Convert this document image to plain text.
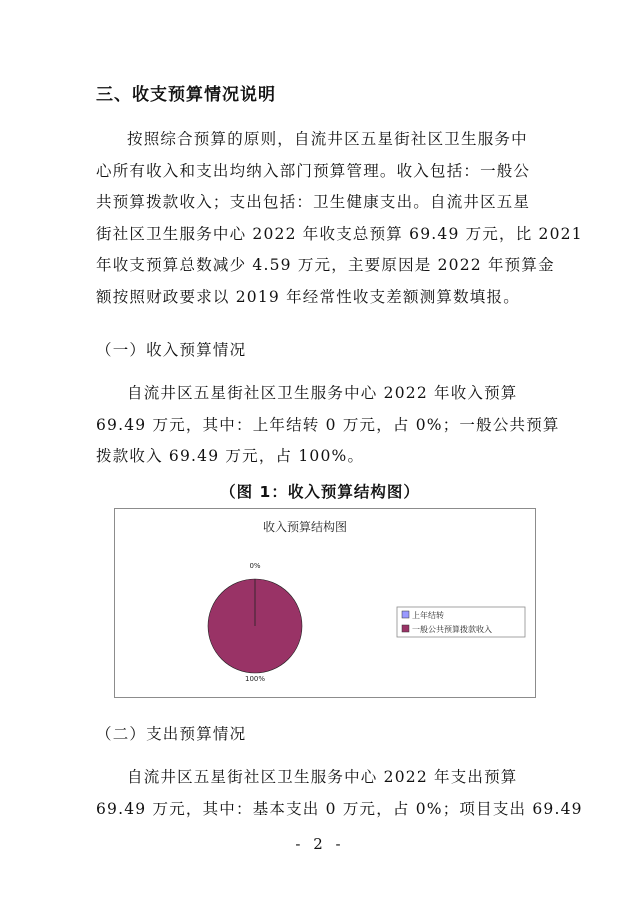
三、收支预算情况说明
按照综合预算的原则，自流井区五星街社区卫生服务中
心所有收入和支出均纳入部门预算管理。收入包括：一般公
共预算拨款收入；支出包括：卫生健康支出。自流井区五星
街社区卫生服务中心 2022 年收支总预算 69.49 万元，比 2021
年收支预算总数减少 4.59 万元，主要原因是 2022 年预算金
额按照财政要求以 2019 年经常性收支差额测算数填报。
（一）收入预算情况
自流井区五星街社区卫生服务中心 2022 年收入预算
69.49 万元，其中：上年结转 0 万元，占 0%；一般公共预算
拨款收入 69.49 万元，占 100%。
（图 1：收入预算结构图）
收入预算结构图
0%
100%
上年结转
一般公共预算拨款收入
（二）支出预算情况
自流井区五星街社区卫生服务中心 2022 年支出预算
69.49 万元，其中：基本支出 0 万元，占 0%；项目支出 69.49
- 2 -
